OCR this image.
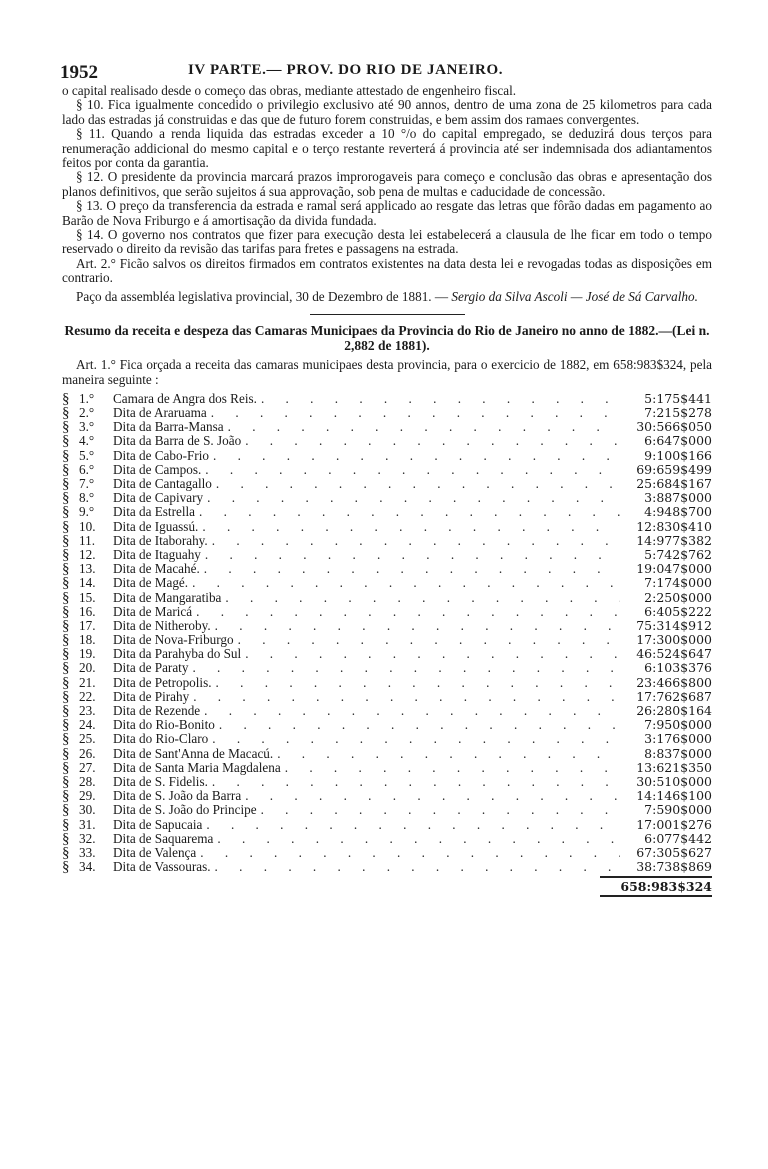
1952	IV PARTE.— PROV. DO RIO DE JANEIRO.

o capital realisado desde o começo das obras, mediante attestado de engenheiro fiscal.

§ 10. Fica igualmente concedido o privilegio exclusivo até 90 annos, dentro de uma zona de 25 kilometros para cada lado das estradas já construidas e das que de futuro forem construidas, e bem assim dos ramaes convergentes.

§ 11. Quando a renda liquida das estradas exceder a 10 °/o do capital empregado, se deduzirá dous terços para renumeração addicional do mesmo capital e o terço restante reverterá á provincia até ser indemnisada dos adiantamentos feitos por conta da garantia.

§ 12. O presidente da provincia marcará prazos improrogaveis para começo e conclusão das obras e apresentação dos planos definitivos, que serão sujeitos á sua approvação, sob pena de multas e caducidade de concessão.

§ 13. O preço da transferencia da estrada e ramal será applicado ao resgate das letras que fôrão dadas em pagamento ao Barão de Nova Friburgo e á amortisação da divida fundada.

§ 14. O governo nos contratos que fizer para execução desta lei estabelecerá a clausula de lhe ficar em todo o tempo reservado o direito da revisão das tarifas para fretes e passagens na estrada.

Art. 2.° Ficão salvos os direitos firmados em contratos existentes na data desta lei e revogadas todas as disposições em contrario.

Paço da assembléa legislativa provincial, 30 de Dezembro de 1881. — Sergio da Silva Ascoli — José de Sá Carvalho.

Resumo da receita e despeza das Camaras Municipaes da Provincia do Rio de Janeiro no anno de 1882.—(Lei n. 2,882 de 1881).

Art. 1.° Fica orçada a receita das camaras municipaes desta provincia, para o exercicio de 1882, em 658:983$324, pela maneira seguinte :

§ 1.°	Camara de Angra dos Reis. . . .	5:175$441
§ 2.°	Dita de Araruama . . .	7:215$278
§ 3.°	Dita da Barra-Mansa . . .	30:566$050
§ 4.°	Dita da Barra de S. João . . .	6:647$000
§ 5.°	Dita de Cabo-Frio . . .	9:100$166
§ 6.°	Dita de Campos. . . .	69:659$499
§ 7.°	Dita de Cantagallo . . .	25:684$167
§ 8.°	Dita de Capivary . . .	3:887$000
§ 9.°	Dita da Estrella . . .	4:948$700
§ 10.	Dita de Iguassú. . . .	12:830$410
§ 11.	Dita de Itaborahy. . . .	14:977$382
§ 12.	Dita de Itaguahy . . .	5:742$762
§ 13.	Dita de Macahé. . . .	19:047$000
§ 14.	Dita de Magé. . . .	7:174$000
§ 15.	Dita de Mangaratiba . . .	2:250$000
§ 16.	Dita de Maricá . . .	6:405$222
§ 17.	Dita de Nitheroby. . . .	75:314$912
§ 18.	Dita de Nova-Friburgo . . .	17:300$000
§ 19.	Dita da Parahyba do Sul . . .	46:524$647
§ 20.	Dita de Paraty . . .	6:103$376
§ 21.	Dita de Petropolis. . . .	23:466$800
§ 22.	Dita de Pirahy . . .	17:762$687
§ 23.	Dita de Rezende . . .	26:280$164
§ 24.	Dita do Rio-Bonito . . .	7:950$000
§ 25.	Dita do Rio-Claro . . .	3:176$000
§ 26.	Dita de Sant'Anna de Macacú. . . .	8:837$000
§ 27.	Dita de Santa Maria Magdalena . . .	13:621$350
§ 28.	Dita de S. Fidelis. . . .	30:510$000
§ 29.	Dita de S. João da Barra . . .	14:146$100
§ 30.	Dita de S. João do Principe . . .	7:590$000
§ 31.	Dita de Sapucaia . . .	17:001$276
§ 32.	Dita de Saquarema . . .	6:077$442
§ 33.	Dita de Valença . . .	67:305$627
§ 34.	Dita de Vassouras. . . .	38:738$869
658:983$324
